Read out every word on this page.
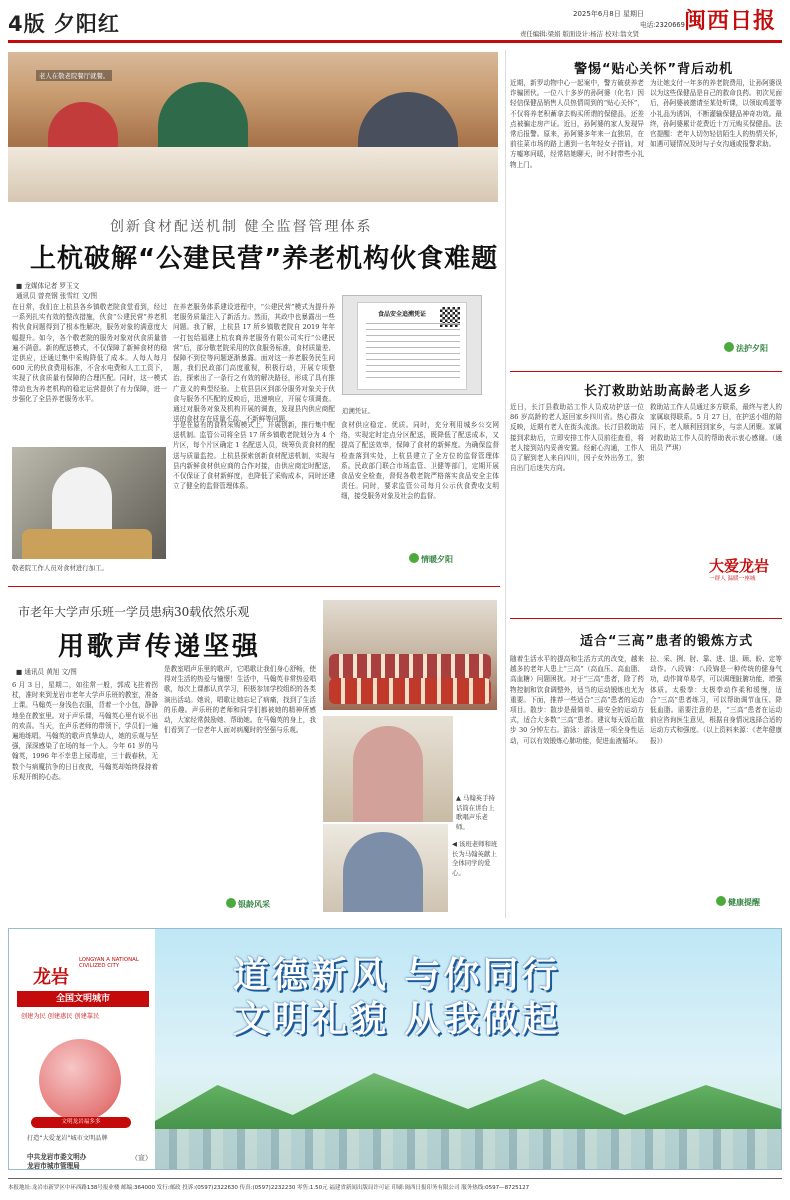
4版 夕阳红	2025年6月8日 星期日
电话:2320669
责任编辑:梁娟 版面设计:杨洁 校对:翁文贤 闽西日报
老人在敬老院餐厅就餐。
创新食材配送机制 健全监督管理体系
上杭破解“公建民营”养老机构伙食难题
■ 龙媒体记者 罗玉文
通讯员 曾亮钢 张雪红 文/图
在日常，我们在上杭县各乡镇敬老院食堂看到，经过一系列扎实有效的整改措施，伙食“公建民营”养老机构伙食问题得到了根本性解决，服务对象的满意度大幅提升。如今，各个敬老院的服务对象对伙食质量普遍不满意。新的配送模式，不仅保障了新鲜食材的稳定供应，还通过集中采购降低了成本。人每人每月 600 元的伙食费用标准，不含水电费和人工工资下，实现了伙食质量有保障的合理匹配。同时，这一模式带动也为养老机构的稳定运营提供了有力保障，进一步强化了全县养老服务水平。
敬老院工作人员对食材进行加工。
在养老服务体系建设进程中，“公建民营”模式为提升养老服务质量注入了新活力。然而，其政中也暴露出一些问题。我了解，上杭县 17 所乡镇敬老院自 2019 年年一打包给福建上杭农商养老服务有限公司实行“公建民营”后，部分敬老院采用的饮食服务标准，食材质量差、保障不到位等问题逐渐暴露。面对这一养老服务民生问题，我们民政部门高度重视，积极行动，开展专项整治，探索出了一条行之有效的解决路径，形成了具有推广意义的典型经验。上杭县县区到部分服务对象关于伙食与服务不匹配的反映后，迅速响应，开展专项调查。通过对服务对象及机构开展的调查，发现县内供应商配送的食材存在质量不高、不新鲜等问题。
食品安全追溯凭证
追溯凭证。
于是在原有的食材采购模式上，开展创新，推行集中配送机制。监管公司将全县 17 所乡镇敬老院划分为 4 个片区，每个片区确定 1 名配送人员，统筹负责食材的配送与质量监控。上杭县探索创新食材配送机制，实现与县内新鲜食材供应商的合作对接，由供应商定时配送，不仅保证了食材新鲜度，也降低了采购成本，同时还建立了健全的监督管理体系。
食材供应稳定、优质。同时，充分利用城乡公交网络，实现定时定点分区配送，既降低了配送成本，又提高了配送效率，保障了食材的新鲜度。为确保监督检查落到实处，上杭县建立了全方位的监督管理体系。民政部门联合市场监管、卫健等部门，定期开展食品安全检查，督促各敬老院严格落实食品安全主体责任。同时，要求监管公司每月公示伙食费收支明细，接受服务对象及社会的监督。
情暖夕阳
市老年大学声乐班一学员患病30载依然乐观
用歌声传递坚强
■ 通讯员 黄旭 文/图
6 月 3 日，星期二，如往常一般，郭成飞拄着拐杖，准时来到龙岩市老年大学声乐班的教室，准备上课。马翰英一身浅色衣服，背着一个小包，静静地坐在教室里。对于声乐课，马翰英心里有说不出的欢喜。当天，在声乐老师的带领下，学员们一遍遍地练唱。马翰英的歌声真挚动人，她的乐观与坚强，深深感染了在场的每一个人。今年 61 岁的马翰英，1996 年不幸患上尿毒症，三十载春秋，无数个与病魔抗争的日日夜夜，马翰英却始终保持着乐观开朗的心态。
是教室唱声乐里的歌声，它唱歌让我们身心舒畅，使得对生活的热爱与憧憬！生活中，马翰英非常热爱唱歌，每次上课都认真学习，积极参加学校组织的各类演出活动。她说，唱歌让她忘记了病痛，找到了生活的乐趣。声乐班的老师和同学们都被她的精神所感动，大家经常鼓励她、帮助她。在马翰英的身上，我们看到了一位老年人面对病魔时的坚强与乐观。
▲ 马翰英手持话筒在讲台上歌唱声乐老师。
◀ 该班老师和班长为马翰英献上全体同学的爱心。
银龄风采
警惕“贴心关怀”背后动机
近期，新罗动物中心一起案中，警方破获养老诈骗团伙。一位八十多岁的孙阿婆（化名）因轻信保健品销售人员热情周到的“贴心关怀”，不仅将养老积蓄拿去购买所谓的保健品，还差点被骗走房产证。近日，孙阿婆的家人发现异常后报警。原来，孙阿婆多年来一直独居，在前往菜市场的路上遇到一名年轻女子搭讪，对方嘘寒问暖，经常陪她聊天，时不时带些小礼物上门。
为让她支付一年多的养老院费用，让孙阿婆误以为这些保健品是自己的救命良药。初次见面后，孙阿婆被邀请至某处听课，以领取鸡蛋等小礼品为诱饵，不断灌输保健品神奇功效。最终，孙阿婆累计花费近十万元购买保健品。法官提醒：老年人切勿轻信陌生人的热情关怀，如遇可疑情况及时与子女沟通或报警求助。
法护夕阳
长汀救助站助高龄老人返乡
近日，长汀县救助站工作人员成功护送一位 86 岁高龄的老人返回家乡四川省。热心群众反映，近期有老人在街头流浪。长汀县救助站接到求助后，立即安排工作人员前往查看，将老人接到站内妥善安置。经耐心沟通，工作人员了解到老人来自四川，因子女外出务工，独自出门后迷失方向。
救助站工作人员通过多方联系，最终与老人的家属取得联系。5 月 27 日，在护送小组的陪同下，老人顺利回到家乡，与亲人团聚。家属对救助站工作人员的帮助表示衷心感谢。（通讯员 严琪）
大爱龙岩
一群人 温暖一座城
适合“三高”患者的锻炼方式
随着生活水平的提高和生活方式的改变，越来越多的老年人患上“三高”（高血压、高血脂、高血糖）问题困扰。对于“三高”患者，除了药物控制和饮食调整外，适当的运动锻炼也尤为重要。下面，推荐一些适合“三高”患者的运动项目。散步：散步是最简单、最安全的运动方式，适合大多数“三高”患者。建议每天饭后散步 30 分钟左右。游泳：游泳是一项全身性运动，可以有效锻炼心肺功能，促进血液循环。
拉、采、挒、肘、靠、进、退、顾、盼、定等动作。八段锦：八段锦是一种传统的健身气功，动作简单易学，可以调理脏腑功能，增强体质。太极拳：太极拳动作柔和缓慢，适合“三高”患者练习，可以帮助调节血压、降低血脂。需要注意的是，“三高”患者在运动前应咨询医生意见，根据自身情况选择合适的运动方式和强度。（以上资料来源：《老年健康报》）
健康提醒
道德新风 与你同行
文明礼貌 从我做起
龙岩
LONGYAN A NATIONAL CIVILIZED CITY
全国文明城市
创建为民 创建惠民 创建靠民
文明龙岩福多多
打造“大爱龙岩”城市文明品牌
中共龙岩市委文明办
龙岩市城市管理局
（宣）
本报地址:龙岩市新罗区中环西路138号报业楼 邮编:364000 发行:邮政 投诉:(0597)2322630 传真:(0597)2232230 零售:1.50元 福建省新闻出版局许可证 印刷:闽西日报印务有限公司 服务热线:0597—8725127
